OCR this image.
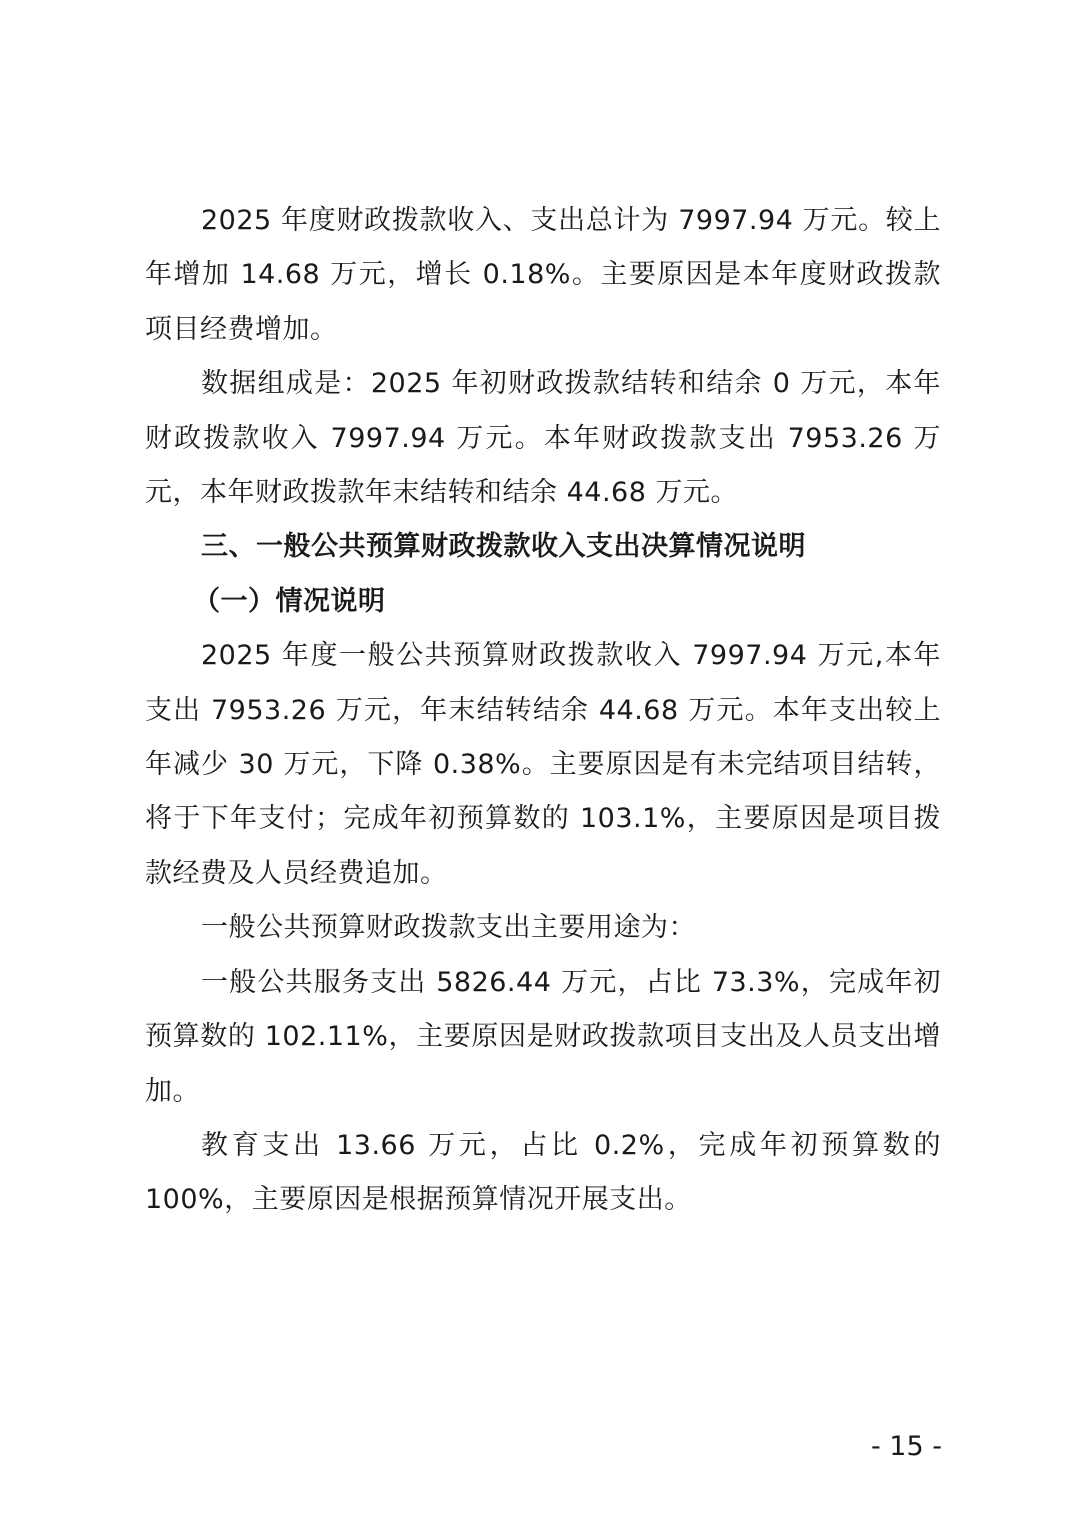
2025 年度财政拨款收入、支出总计为 7997.94 万元。较上年增加 14.68 万元，增长 0.18%。主要原因是本年度财政拨款项目经费增加。

数据组成是：2025 年初财政拨款结转和结余 0 万元，本年财政拨款收入 7997.94 万元。本年财政拨款支出 7953.26 万元，本年财政拨款年末结转和结余 44.68 万元。

三、一般公共预算财政拨款收入支出决算情况说明

（一）情况说明

2025 年度一般公共预算财政拨款收入 7997.94 万元,本年支出 7953.26 万元，年末结转结余 44.68 万元。本年支出较上年减少 30 万元，下降 0.38%。主要原因是有未完结项目结转，将于下年支付；完成年初预算数的 103.1%，主要原因是项目拨款经费及人员经费追加。

一般公共预算财政拨款支出主要用途为：

一般公共服务支出 5826.44 万元，占比 73.3%，完成年初预算数的 102.11%，主要原因是财政拨款项目支出及人员支出增加。

教育支出 13.66 万元，占比 0.2%，完成年初预算数的100%，主要原因是根据预算情况开展支出。

- 15 -
